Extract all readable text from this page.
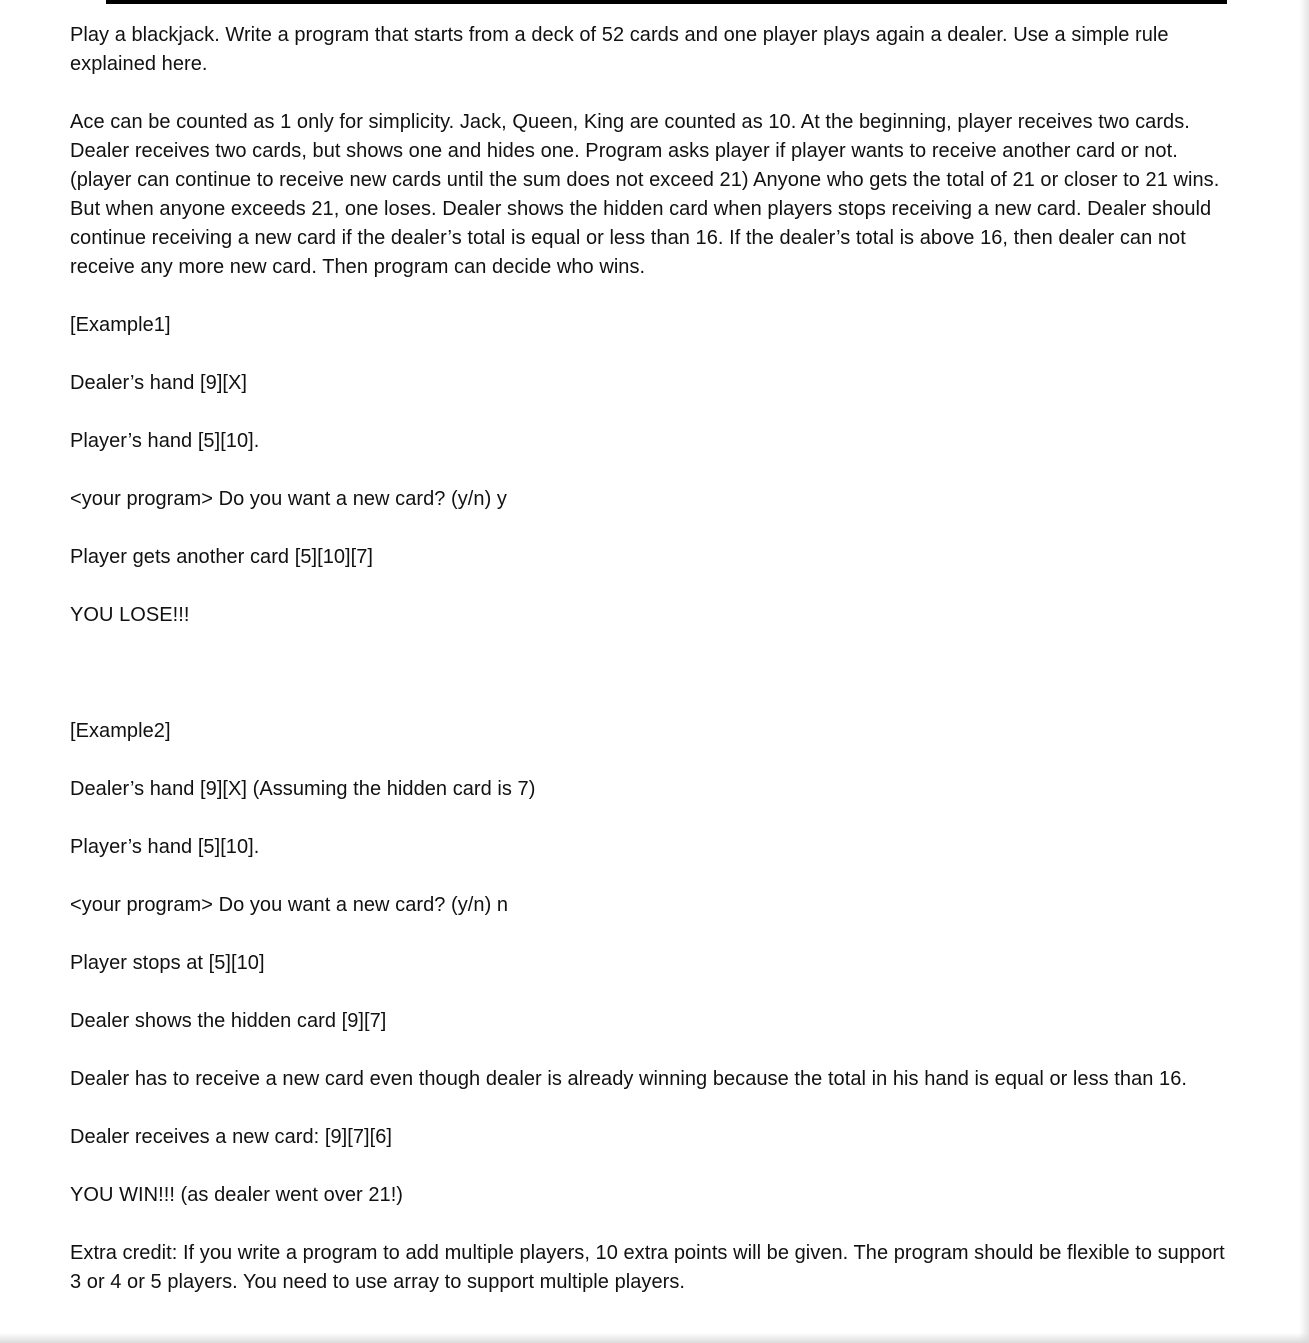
Play a blackjack. Write a program that starts from a deck of 52 cards and one player plays again a dealer. Use a simple rule explained here.

Ace can be counted as 1 only for simplicity. Jack, Queen, King are counted as 10. At the beginning, player receives two cards. Dealer receives two cards, but shows one and hides one. Program asks player if player wants to receive another card or not. (player can continue to receive new cards until the sum does not exceed 21) Anyone who gets the total of 21 or closer to 21 wins. But when anyone exceeds 21, one loses. Dealer shows the hidden card when players stops receiving a new card. Dealer should continue receiving a new card if the dealer’s total is equal or less than 16. If the dealer’s total is above 16, then dealer can not receive any more new card. Then program can decide who wins.

[Example1]

Dealer’s hand [9][X]

Player’s hand [5][10].

<your program> Do you want a new card? (y/n) y

Player gets another card [5][10][7]

YOU LOSE!!!

[Example2]

Dealer’s hand [9][X] (Assuming the hidden card is 7)

Player’s hand [5][10].

<your program> Do you want a new card? (y/n) n

Player stops at [5][10]

Dealer shows the hidden card [9][7]

Dealer has to receive a new card even though dealer is already winning because the total in his hand is equal or less than 16.

Dealer receives a new card: [9][7][6]

YOU WIN!!! (as dealer went over 21!)

Extra credit: If you write a program to add multiple players, 10 extra points will be given. The program should be flexible to support 3 or 4 or 5 players. You need to use array to support multiple players.
